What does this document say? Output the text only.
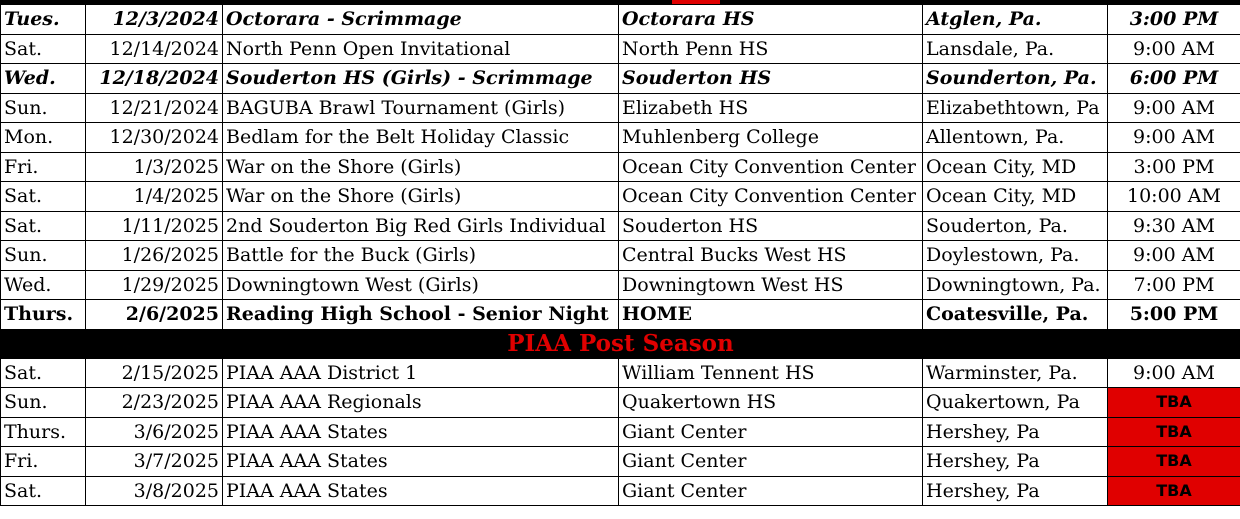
Tues.	12/3/2024	Octorara - Scrimmage	Octorara HS	Atglen, Pa.	3:00 PM
Sat.	12/14/2024	North Penn Open Invitational	North Penn HS	Lansdale, Pa.	9:00 AM
Wed.	12/18/2024	Souderton HS (Girls) - Scrimmage	Souderton HS	Sounderton, Pa.	6:00 PM
Sun.	12/21/2024	BAGUBA Brawl Tournament (Girls)	Elizabeth HS	Elizabethtown, Pa	9:00 AM
Mon.	12/30/2024	Bedlam for the Belt Holiday Classic	Muhlenberg College	Allentown, Pa.	9:00 AM
Fri.	1/3/2025	War on the Shore (Girls)	Ocean City Convention Center	Ocean City, MD	3:00 PM
Sat.	1/4/2025	War on the Shore (Girls)	Ocean City Convention Center	Ocean City, MD	10:00 AM
Sat.	1/11/2025	2nd Souderton Big Red Girls Individual	Souderton HS	Souderton, Pa.	9:30 AM
Sun.	1/26/2025	Battle for the Buck (Girls)	Central Bucks West HS	Doylestown, Pa.	9:00 AM
Wed.	1/29/2025	Downingtown West (Girls)	Downingtown West HS	Downingtown, Pa.	7:00 PM
Thurs.	2/6/2025	Reading High School - Senior Night	HOME	Coatesville, Pa.	5:00 PM
PIAA Post Season					
Sat.	2/15/2025	PIAA AAA District 1	William Tennent HS	Warminster, Pa.	9:00 AM
Sun.	2/23/2025	PIAA AAA Regionals	Quakertown HS	Quakertown, Pa	TBA
Thurs.	3/6/2025	PIAA AAA States	Giant Center	Hershey, Pa	TBA
Fri.	3/7/2025	PIAA AAA States	Giant Center	Hershey, Pa	TBA
Sat.	3/8/2025	PIAA AAA States	Giant Center	Hershey, Pa	TBA
